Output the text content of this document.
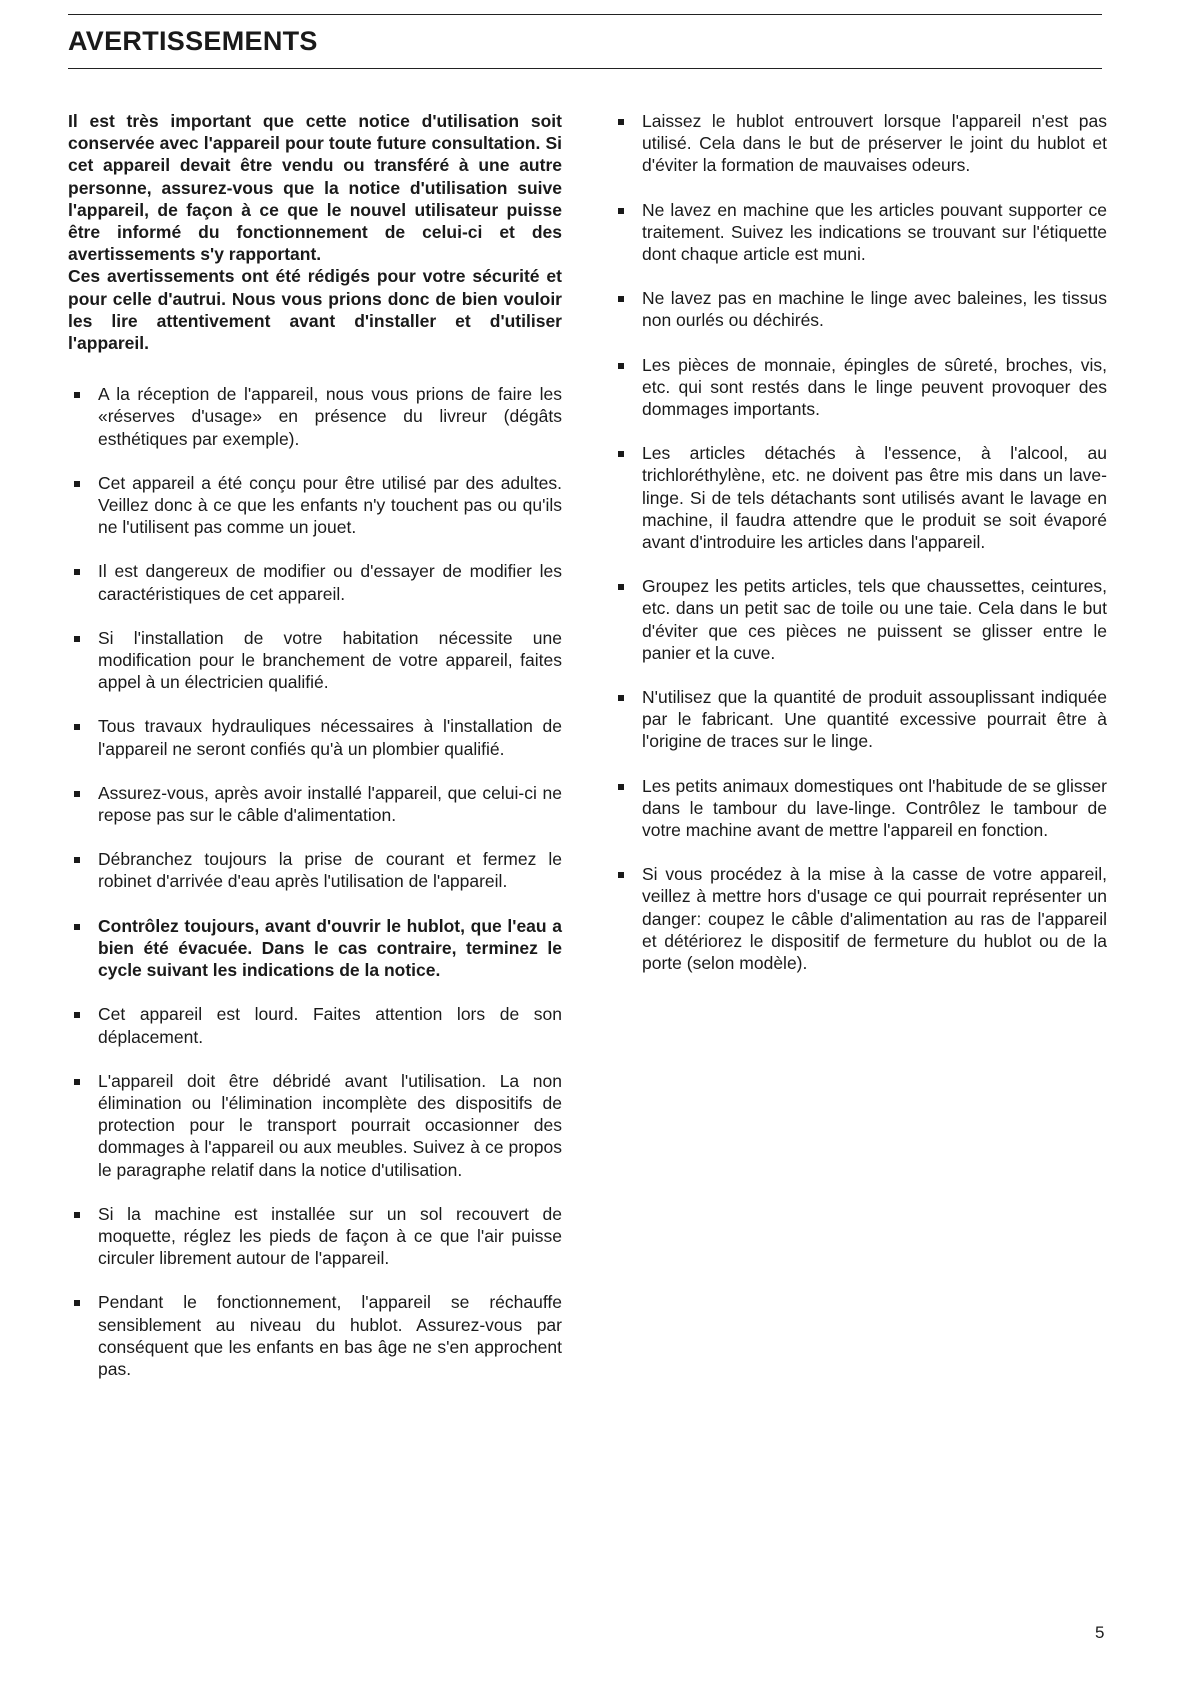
AVERTISSEMENTS

Il est très important que cette notice d'utilisation soit conservée avec l'appareil pour toute future consultation. Si cet appareil devait être vendu ou transféré à une autre personne, assurez-vous que la notice d'utilisation suive l'appareil, de façon à ce que le nouvel utilisateur puisse être informé du fonctionnement de celui-ci et des avertissements s'y rapportant.
Ces avertissements ont été rédigés pour votre sécurité et pour celle d'autrui. Nous vous prions donc de bien vouloir les lire attentivement avant d'installer et d'utiliser l'appareil.

A la réception de l'appareil, nous vous prions de faire les «réserves d'usage» en présence du livreur (dégâts esthétiques par exemple).
Cet appareil a été conçu pour être utilisé par des adultes. Veillez donc à ce que les enfants n'y touchent pas ou qu'ils ne l'utilisent pas comme un jouet.
Il est dangereux de modifier ou d'essayer de modifier les caractéristiques de cet appareil.
Si l'installation de votre habitation nécessite une modification pour le branchement de votre appareil, faites appel à un électricien qualifié.
Tous travaux hydrauliques nécessaires à l'installation de l'appareil ne seront confiés qu'à un plombier qualifié.
Assurez-vous, après avoir installé l'appareil, que celui-ci ne repose pas sur le câble d'alimentation.
Débranchez toujours la prise de courant et fermez le robinet d'arrivée d'eau après l'utilisation de l'appareil.
Contrôlez toujours, avant d'ouvrir le hublot, que l'eau a bien été évacuée. Dans le cas contraire, terminez le cycle suivant les indications de la notice.
Cet appareil est lourd. Faites attention lors de son déplacement.
L'appareil doit être débridé avant l'utilisation. La non élimination ou l'élimination incomplète des dispositifs de protection pour le transport pourrait occasionner des dommages à l'appareil ou aux meubles. Suivez à ce propos le paragraphe relatif dans la notice d'utilisation.
Si la machine est installée sur un sol recouvert de moquette, réglez les pieds de façon à ce que l'air puisse circuler librement autour de l'appareil.
Pendant le fonctionnement, l'appareil se réchauffe sensiblement au niveau du hublot. Assurez-vous par conséquent que les enfants en bas âge ne s'en approchent pas.
Laissez le hublot entrouvert lorsque l'appareil n'est pas utilisé. Cela dans le but de préserver le joint du hublot et d'éviter la formation de mauvaises odeurs.
Ne lavez en machine que les articles pouvant supporter ce traitement. Suivez les indications se trouvant sur l'étiquette dont chaque article est muni.
Ne lavez pas en machine le linge avec baleines, les tissus non ourlés ou déchirés.
Les pièces de monnaie, épingles de sûreté, broches, vis, etc. qui sont restés dans le linge peuvent provoquer des dommages importants.
Les articles détachés à l'essence, à l'alcool, au trichloréthylène, etc. ne doivent pas être mis dans un lave-linge. Si de tels détachants sont utilisés avant le lavage en machine, il faudra attendre que le produit se soit évaporé avant d'introduire les articles dans l'appareil.
Groupez les petits articles, tels que chaussettes, ceintures, etc. dans un petit sac de toile ou une taie. Cela dans le but d'éviter que ces pièces ne puissent se glisser entre le panier et la cuve.
N'utilisez que la quantité de produit assouplissant indiquée par le fabricant. Une quantité excessive pourrait être à l'origine de traces sur le linge.
Les petits animaux domestiques ont l'habitude de se glisser dans le tambour du lave-linge. Contrôlez le tambour de votre machine avant de mettre l'appareil en fonction.
Si vous procédez à la mise à la casse de votre appareil, veillez à mettre hors d'usage ce qui pourrait représenter un danger: coupez le câble d'alimentation au ras de l'appareil et détériorez le dispositif de fermeture du hublot ou de la porte (selon modèle).

5
